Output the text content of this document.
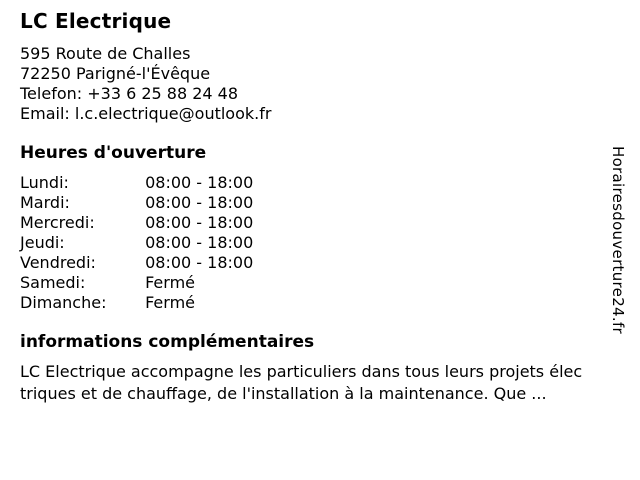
LC Electrique
595 Route de Challes
72250 Parigné-l'Évêque
Telefon: +33 6 25 88 24 48
Email: l.c.electrique@outlook.fr
Heures d'ouverture
Lundi:	08:00 - 18:00
Mardi:	08:00 - 18:00
Mercredi:	08:00 - 18:00
Jeudi:	08:00 - 18:00
Vendredi:	08:00 - 18:00
Samedi:	Fermé
Dimanche: Fermé
informations complémentaires
LC Electrique accompagne les particuliers dans tous leurs projets élec
triques et de chauffage, de l'installation à la maintenance. Que ...
Horairesdouverture24.fr
